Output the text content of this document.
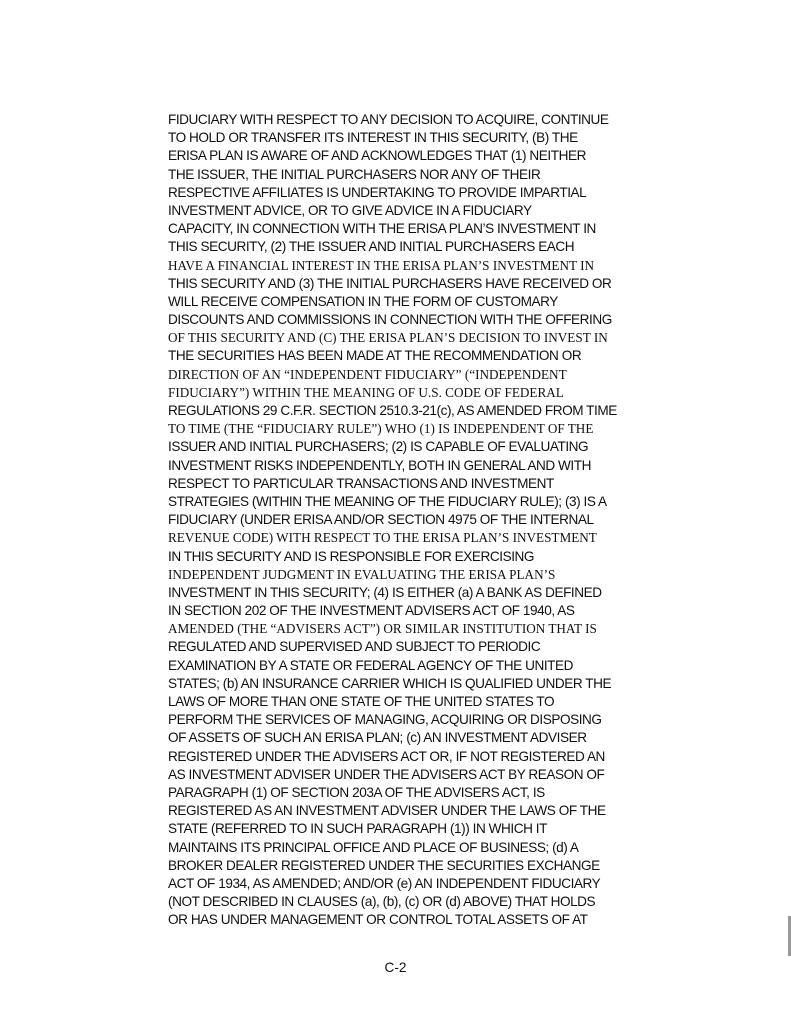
FIDUCIARY WITH RESPECT TO ANY DECISION TO ACQUIRE, CONTINUE
TO HOLD OR TRANSFER ITS INTEREST IN THIS SECURITY, (B) THE
ERISA PLAN IS AWARE OF AND ACKNOWLEDGES THAT (1) NEITHER
THE ISSUER, THE INITIAL PURCHASERS NOR ANY OF THEIR
RESPECTIVE AFFILIATES IS UNDERTAKING TO PROVIDE IMPARTIAL
INVESTMENT ADVICE, OR TO GIVE ADVICE IN A FIDUCIARY
CAPACITY, IN CONNECTION WITH THE ERISA PLAN’S INVESTMENT IN
THIS SECURITY, (2) THE ISSUER AND INITIAL PURCHASERS EACH
HAVE A FINANCIAL INTEREST IN THE ERISA PLAN’S INVESTMENT IN
THIS SECURITY AND (3) THE INITIAL PURCHASERS HAVE RECEIVED OR
WILL RECEIVE COMPENSATION IN THE FORM OF CUSTOMARY
DISCOUNTS AND COMMISSIONS IN CONNECTION WITH THE OFFERING
OF THIS SECURITY AND (C) THE ERISA PLAN’S DECISION TO INVEST IN
THE SECURITIES HAS BEEN MADE AT THE RECOMMENDATION OR
DIRECTION OF AN “INDEPENDENT FIDUCIARY” (“INDEPENDENT
FIDUCIARY”) WITHIN THE MEANING OF U.S. CODE OF FEDERAL
REGULATIONS 29 C.F.R. SECTION 2510.3-21(c), AS AMENDED FROM TIME
TO TIME (THE “FIDUCIARY RULE”) WHO (1) IS INDEPENDENT OF THE
ISSUER AND INITIAL PURCHASERS; (2) IS CAPABLE OF EVALUATING
INVESTMENT RISKS INDEPENDENTLY, BOTH IN GENERAL AND WITH
RESPECT TO PARTICULAR TRANSACTIONS AND INVESTMENT
STRATEGIES (WITHIN THE MEANING OF THE FIDUCIARY RULE); (3) IS A
FIDUCIARY (UNDER ERISA AND/OR SECTION 4975 OF THE INTERNAL
REVENUE CODE) WITH RESPECT TO THE ERISA PLAN’S INVESTMENT
IN THIS SECURITY AND IS RESPONSIBLE FOR EXERCISING
INDEPENDENT JUDGMENT IN EVALUATING THE ERISA PLAN’S
INVESTMENT IN THIS SECURITY; (4) IS EITHER (a) A BANK AS DEFINED
IN SECTION 202 OF THE INVESTMENT ADVISERS ACT OF 1940, AS
AMENDED (THE “ADVISERS ACT”) OR SIMILAR INSTITUTION THAT IS
REGULATED AND SUPERVISED AND SUBJECT TO PERIODIC
EXAMINATION BY A STATE OR FEDERAL AGENCY OF THE UNITED
STATES; (b) AN INSURANCE CARRIER WHICH IS QUALIFIED UNDER THE
LAWS OF MORE THAN ONE STATE OF THE UNITED STATES TO
PERFORM THE SERVICES OF MANAGING, ACQUIRING OR DISPOSING
OF ASSETS OF SUCH AN ERISA PLAN; (c) AN INVESTMENT ADVISER
REGISTERED UNDER THE ADVISERS ACT OR, IF NOT REGISTERED AN
AS INVESTMENT ADVISER UNDER THE ADVISERS ACT BY REASON OF
PARAGRAPH (1) OF SECTION 203A OF THE ADVISERS ACT, IS
REGISTERED AS AN INVESTMENT ADVISER UNDER THE LAWS OF THE
STATE (REFERRED TO IN SUCH PARAGRAPH (1)) IN WHICH IT
MAINTAINS ITS PRINCIPAL OFFICE AND PLACE OF BUSINESS; (d) A
BROKER DEALER REGISTERED UNDER THE SECURITIES EXCHANGE
ACT OF 1934, AS AMENDED; AND/OR (e) AN INDEPENDENT FIDUCIARY
(NOT DESCRIBED IN CLAUSES (a), (b), (c) OR (d) ABOVE) THAT HOLDS
OR HAS UNDER MANAGEMENT OR CONTROL TOTAL ASSETS OF AT
C-2
